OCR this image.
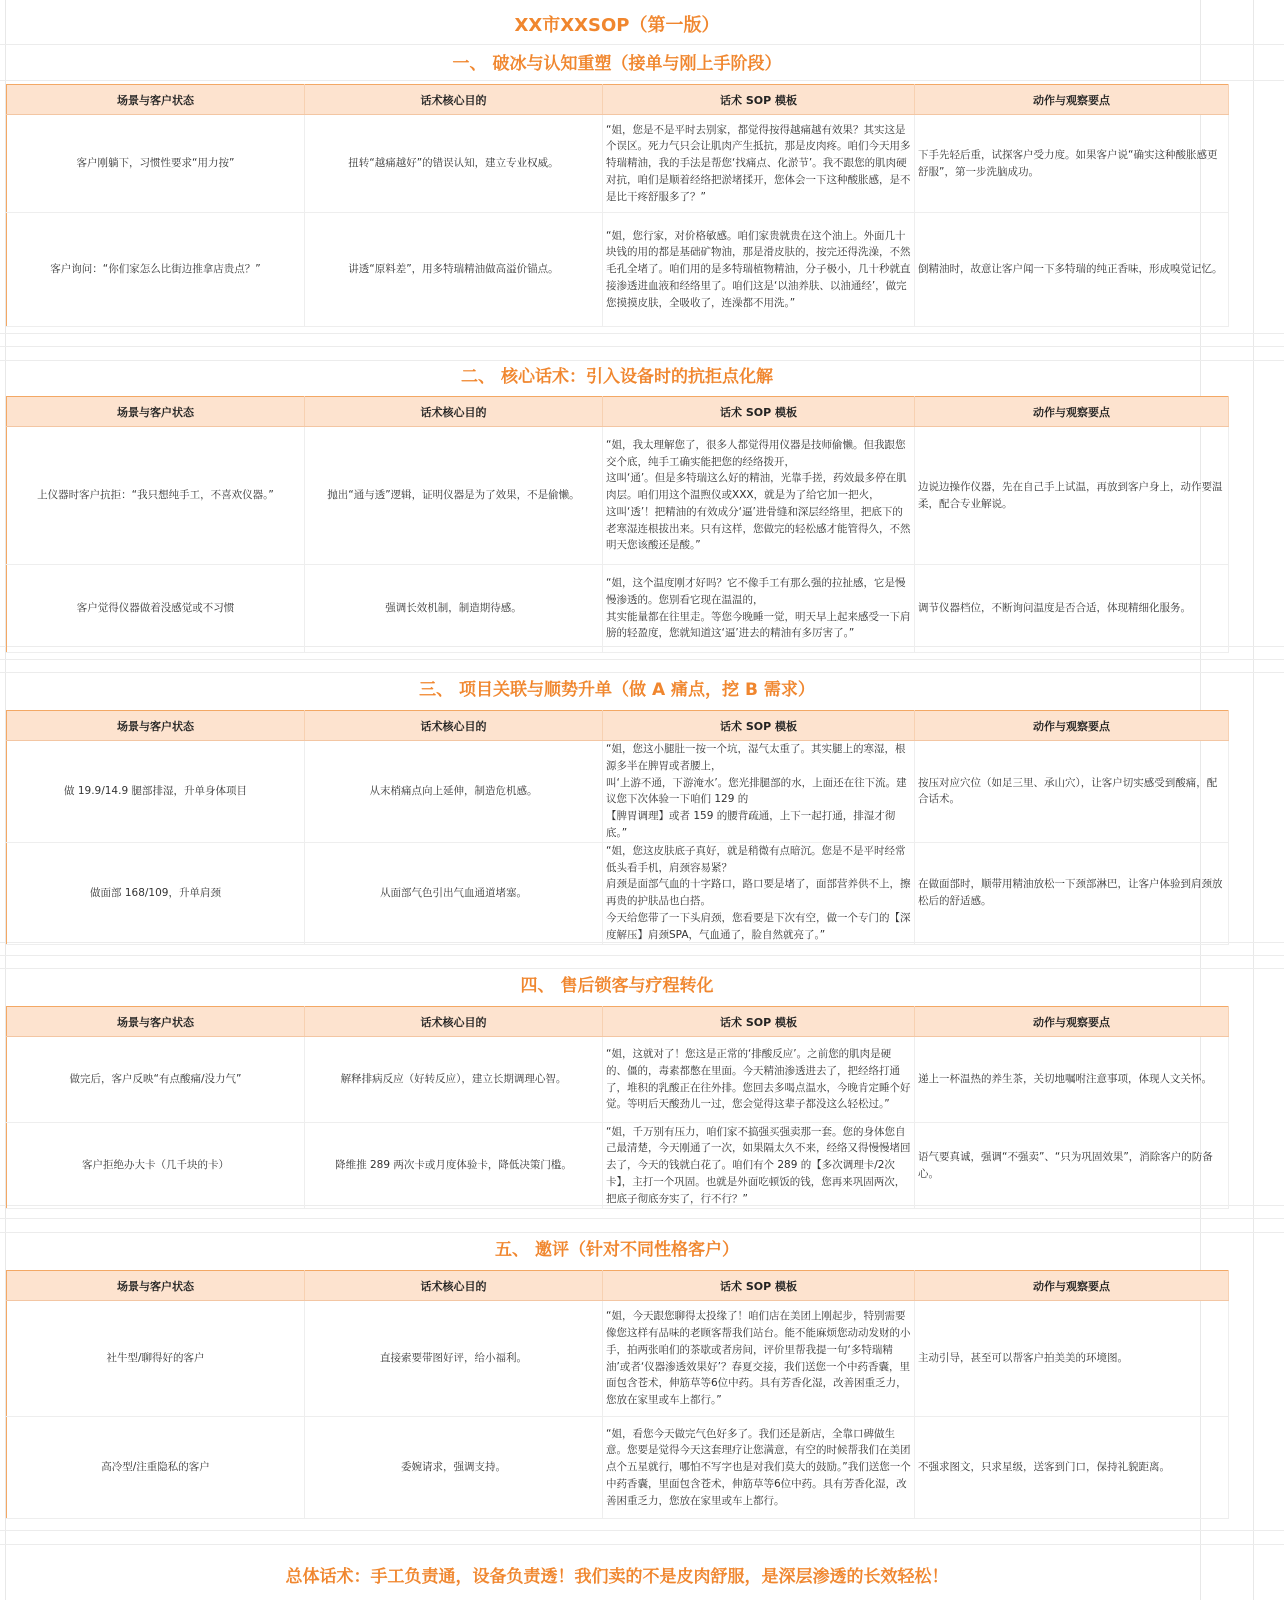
XX市XXSOP（第一版）
一、 破冰与认知重塑（接单与刚上手阶段）
场景与客户状态	话术核心目的	话术 SOP 模板	动作与观察要点
客户刚躺下，习惯性要求“用力按”	扭转“越痛越好”的错误认知，建立专业权威。	“姐，您是不是平时去别家，都觉得按得越痛越有效果？其实这是个误区。死力气只会让肌肉产生抵抗，那是皮肉疼。咱们今天用多特瑞精油，我的手法是帮您‘找痛点、化淤节’。我不跟您的肌肉硬对抗，咱们是顺着经络把淤堵揉开，您体会一下这种酸胀感，是不是比干疼舒服多了？”	下手先轻后重，试探客户受力度。如果客户说“确实这种酸胀感更舒服”，第一步洗脑成功。
客户询问：“你们家怎么比街边推拿店贵点？”	讲透“原料差”，用多特瑞精油做高溢价锚点。	“姐，您行家，对价格敏感。咱们家贵就贵在这个油上。外面几十块钱的用的都是基础矿物油，那是滑皮肤的，按完还得洗澡，不然毛孔全堵了。咱们用的是多特瑞植物精油，分子极小，几十秒就直接渗透进血液和经络里了。咱们这是‘以油养肤、以油通经’，做完您摸摸皮肤，全吸收了，连澡都不用洗。”	倒精油时，故意让客户闻一下多特瑞的纯正香味，形成嗅觉记忆。
二、 核心话术：引入设备时的抗拒点化解
场景与客户状态	话术核心目的	话术 SOP 模板	动作与观察要点
上仪器时客户抗拒：“我只想纯手工，不喜欢仪器。”	抛出“通与透”逻辑，证明仪器是为了效果，不是偷懒。	“姐，我太理解您了，很多人都觉得用仪器是技师偷懒。但我跟您交个底，纯手工确实能把您的经络拨开，
这叫‘通’。但是多特瑞这么好的精油，光靠手搓，药效最多停在肌肉层。咱们用这个温煦仪或XXX，就是为了给它加一把火，
这叫‘透’！把精油的有效成分‘逼’进骨缝和深层经络里，把底下的老寒湿连根拔出来。只有这样，您做完的轻松感才能管得久，不然明天您该酸还是酸。”	边说边操作仪器，先在自己手上试温，再放到客户身上，动作要温柔，配合专业解说。
客户觉得仪器做着没感觉或不习惯	强调长效机制，制造期待感。	“姐，这个温度刚才好吗？它不像手工有那么强的拉扯感，它是慢慢渗透的。您别看它现在温温的，
其实能量都在往里走。等您今晚睡一觉，明天早上起来感受一下肩膀的轻盈度，您就知道这‘逼’进去的精油有多厉害了。”	调节仪器档位，不断询问温度是否合适，体现精细化服务。
三、 项目关联与顺势升单（做 A 痛点，挖 B 需求）
场景与客户状态	话术核心目的	话术 SOP 模板	动作与观察要点
做 19.9/14.9 腿部排湿，升单身体项目	从末梢痛点向上延伸，制造危机感。	“姐，您这小腿肚一按一个坑，湿气太重了。其实腿上的寒湿，根源多半在脾胃或者腰上，
叫‘上游不通，下游淹水’。您光排腿部的水，上面还在往下流。建议您下次体验一下咱们 129 的
【脾胃调理】或者 159 的腰背疏通，上下一起打通，排湿才彻底。”	按压对应穴位（如足三里、承山穴），让客户切实感受到酸痛，配合话术。
做面部 168/109，升单肩颈	从面部气色引出气血通道堵塞。	“姐，您这皮肤底子真好，就是稍微有点暗沉。您是不是平时经常低头看手机，肩颈容易紧？
肩颈是面部气血的十字路口，路口要是堵了，面部营养供不上，擦再贵的护肤品也白搭。
今天给您带了一下头肩颈，您看要是下次有空，做一个专门的【深度解压】肩颈SPA，气血通了，脸自然就亮了。”	在做面部时，顺带用精油放松一下颈部淋巴，让客户体验到肩颈放松后的舒适感。
四、 售后锁客与疗程转化
场景与客户状态	话术核心目的	话术 SOP 模板	动作与观察要点
做完后，客户反映“有点酸痛/没力气”	解释排病反应（好转反应），建立长期调理心智。	“姐，这就对了！您这是正常的‘排酸反应’。之前您的肌肉是硬的、僵的，毒素都憋在里面。今天精油渗透进去了，把经络打通了，堆积的乳酸正在往外排。您回去多喝点温水，今晚肯定睡个好觉。等明后天酸劲儿一过，您会觉得这辈子都没这么轻松过。”	递上一杯温热的养生茶，关切地嘱咐注意事项，体现人文关怀。
客户拒绝办大卡（几千块的卡）	降维推 289 两次卡或月度体验卡，降低决策门槛。	“姐，千万别有压力，咱们家不搞强买强卖那一套。您的身体您自己最清楚，今天刚通了一次，如果隔太久不来，经络又得慢慢堵回去了，今天的钱就白花了。咱们有个 289 的【多次调理卡/2次卡】，主打一个巩固。也就是外面吃顿饭的钱，您再来巩固两次，把底子彻底夯实了，行不行？”	语气要真诚，强调“不强卖”、“只为巩固效果”，消除客户的防备心。
五、 邀评（针对不同性格客户）
场景与客户状态	话术核心目的	话术 SOP 模板	动作与观察要点
社牛型/聊得好的客户	直接索要带图好评，给小福利。	“姐，今天跟您聊得太投缘了！咱们店在美团上刚起步，特别需要像您这样有品味的老顾客帮我们站台。能不能麻烦您动动发财的小手，拍两张咱们的茶歇或者房间，评价里帮我提一句‘多特瑞精油’或者‘仪器渗透效果好’？春夏交接，我们送您一个中药香囊，里面包含苍术，伸筋草等6位中药。具有芳香化湿，改善困重乏力，您放在家里或车上都行。”	主动引导，甚至可以帮客户拍美美的环境图。
高冷型/注重隐私的客户	委婉请求，强调支持。	“姐，看您今天做完气色好多了。我们还是新店，全靠口碑做生意。您要是觉得今天这套理疗让您满意，有空的时候帮我们在美团点个五星就行，哪怕不写字也是对我们莫大的鼓励。”我们送您一个中药香囊，里面包含苍术，伸筋草等6位中药。具有芳香化湿，改善困重乏力，您放在家里或车上都行。	不强求图文，只求星级，送客到门口，保持礼貌距离。
总体话术：手工负责通，设备负责透！我们卖的不是皮肉舒服，是深层渗透的长效轻松！
